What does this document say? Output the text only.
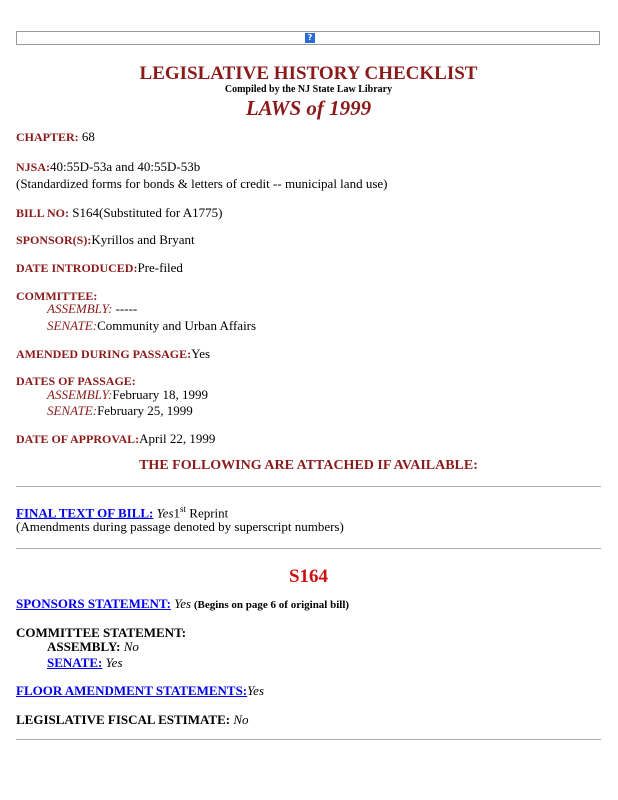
?
LEGISLATIVE HISTORY CHECKLIST
Compiled by the NJ State Law Library
LAWS of 1999
CHAPTER: 68
NJSA:40:55D-53a and 40:55D-53b
(Standardized forms for bonds & letters of credit -- municipal land use)
BILL NO: S164(Substituted for A1775)
SPONSOR(S):Kyrillos and Bryant
DATE INTRODUCED:Pre-filed
COMMITTEE:
ASSEMBLY: -----
SENATE:Community and Urban Affairs
AMENDED DURING PASSAGE:Yes
DATES OF PASSAGE:
ASSEMBLY:February 18, 1999
SENATE:February 25, 1999
DATE OF APPROVAL:April 22, 1999
THE FOLLOWING ARE ATTACHED IF AVAILABLE:
FINAL TEXT OF BILL: Yes1st Reprint
(Amendments during passage denoted by superscript numbers)
S164
SPONSORS STATEMENT: Yes (Begins on page 6 of original bill)
COMMITTEE STATEMENT:
ASSEMBLY: No
SENATE: Yes
FLOOR AMENDMENT STATEMENTS:Yes
LEGISLATIVE FISCAL ESTIMATE: No
